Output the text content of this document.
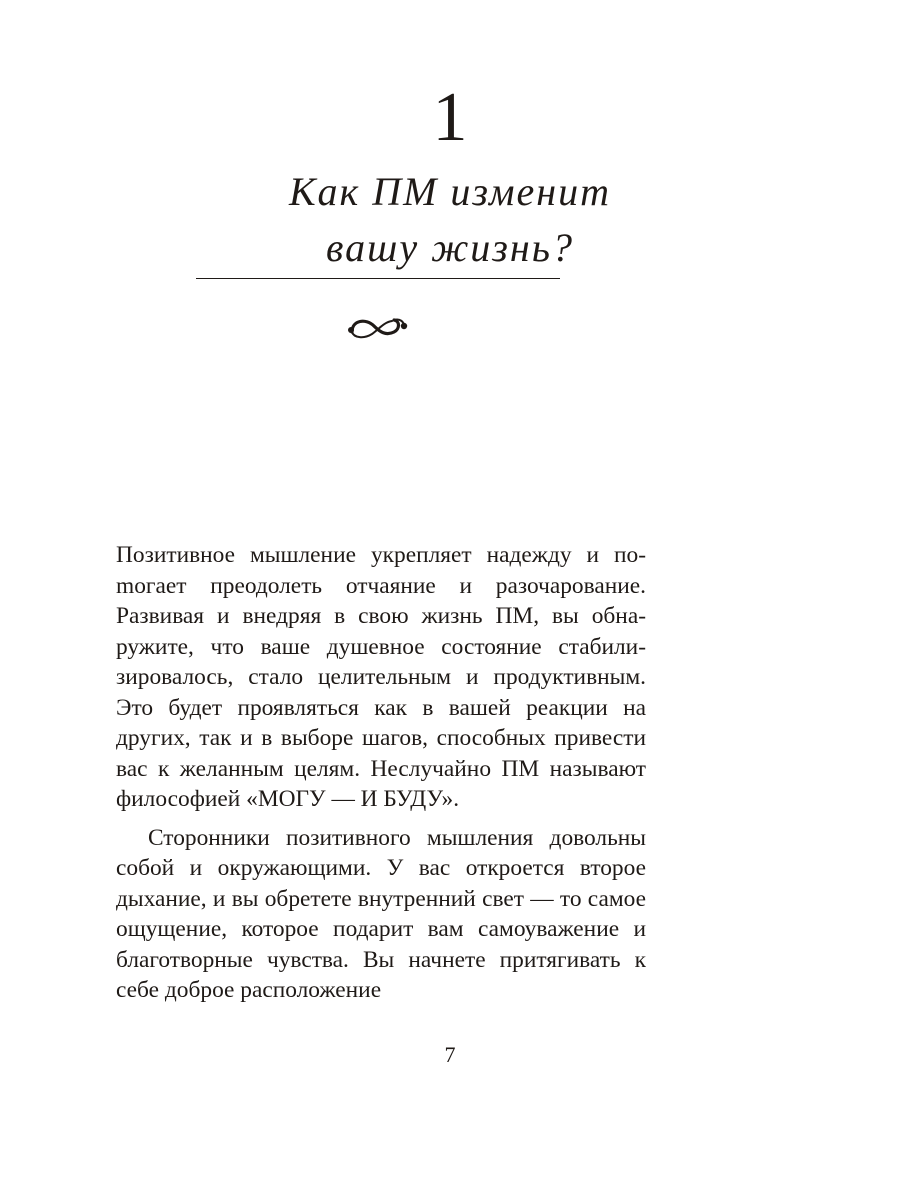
1
Как ПМ изменит
вашу жизнь?

Позитивное мышление укрепляет надежду и поmогает преодолеть отчаяние и разочарование. Развивая и внедряя в свою жизнь ПМ, вы обнаружите, что ваше душевное состояние стабилизировалось, стало целительным и продуктивным. Это будет проявляться как в вашей реакции на других, так и в выборе шагов, способных привести вас к желанным целям. Неслучайно ПМ называют философией «МОГУ — И БУДУ».

Сторонники позитивного мышления довольны собой и окружающими. У вас откроется второе дыхание, и вы обретете внутренний свет — то самое ощущение, которое подарит вам самоуважение и благотворные чувства. Вы начнете притягивать к себе доброе расположение

7
